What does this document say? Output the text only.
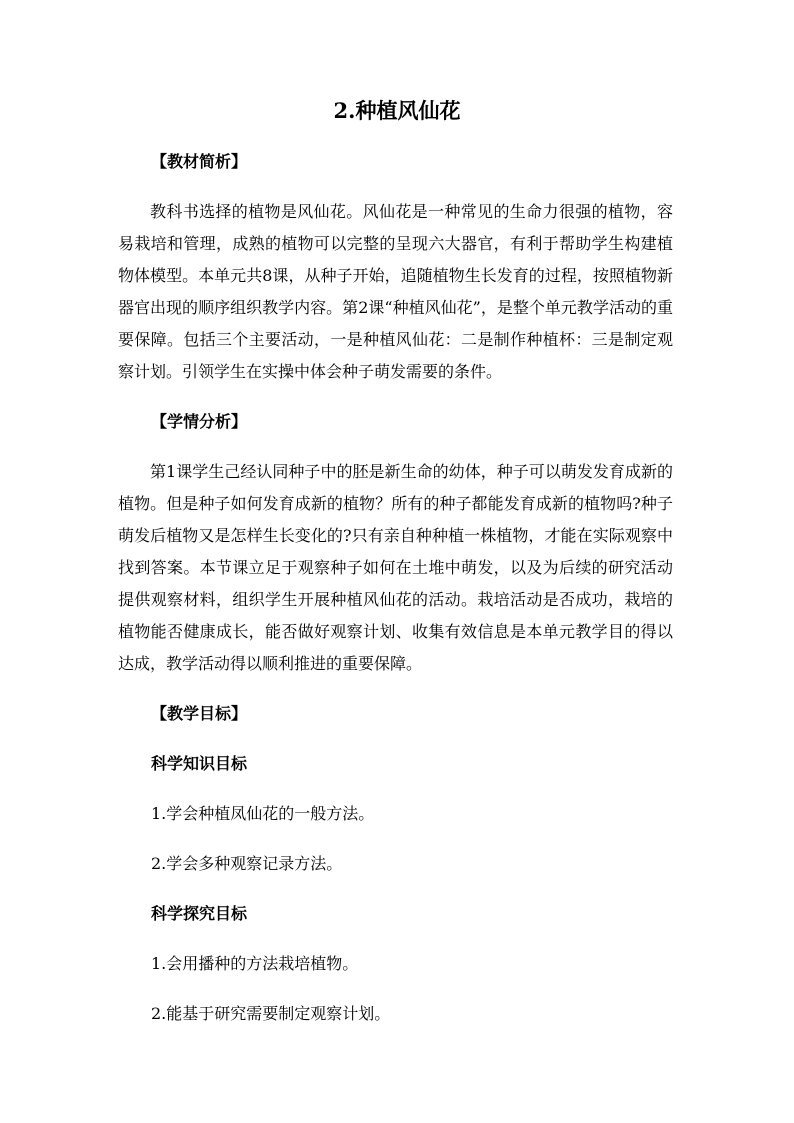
2.种植风仙花
【教材简析】

教科书选择的植物是风仙花。风仙花是一种常见的生命力很强的植物，容易栽培和管理，成熟的植物可以完整的呈现六大器官，有利于帮助学生构建植物体模型。本单元共8课，从种子开始，追随植物生长发育的过程，按照植物新器官出现的顺序组织教学内容。第2课“种植风仙花”，是整个单元教学活动的重要保障。包括三个主要活动，一是种植风仙花：二是制作种植杯：三是制定观察计划。引领学生在实操中体会种子萌发需要的条件。

【学情分析】

第1课学生己经认同种子中的胚是新生命的幼体，种子可以萌发发育成新的植物。但是种子如何发育成新的植物？所有的种子都能发育成新的植物吗?种子萌发后植物又是怎样生长变化的?只有亲自种种植一株植物，才能在实际观察中找到答案。本节课立足于观察种子如何在土堆中萌发，以及为后续的研究活动提供观察材料，组织学生开展种植风仙花的活动。栽培活动是否成功，栽培的植物能否健康成长，能否做好观察计划、收集有效信息是本单元教学目的得以达成，教学活动得以顺利推进的重要保障。

【教学目标】
科学知识目标
1.学会种植凤仙花的一般方法。
2.学会多种观察记录方法。
科学探究目标
1.会用播种的方法栽培植物。
2.能基于研究需要制定观察计划。
